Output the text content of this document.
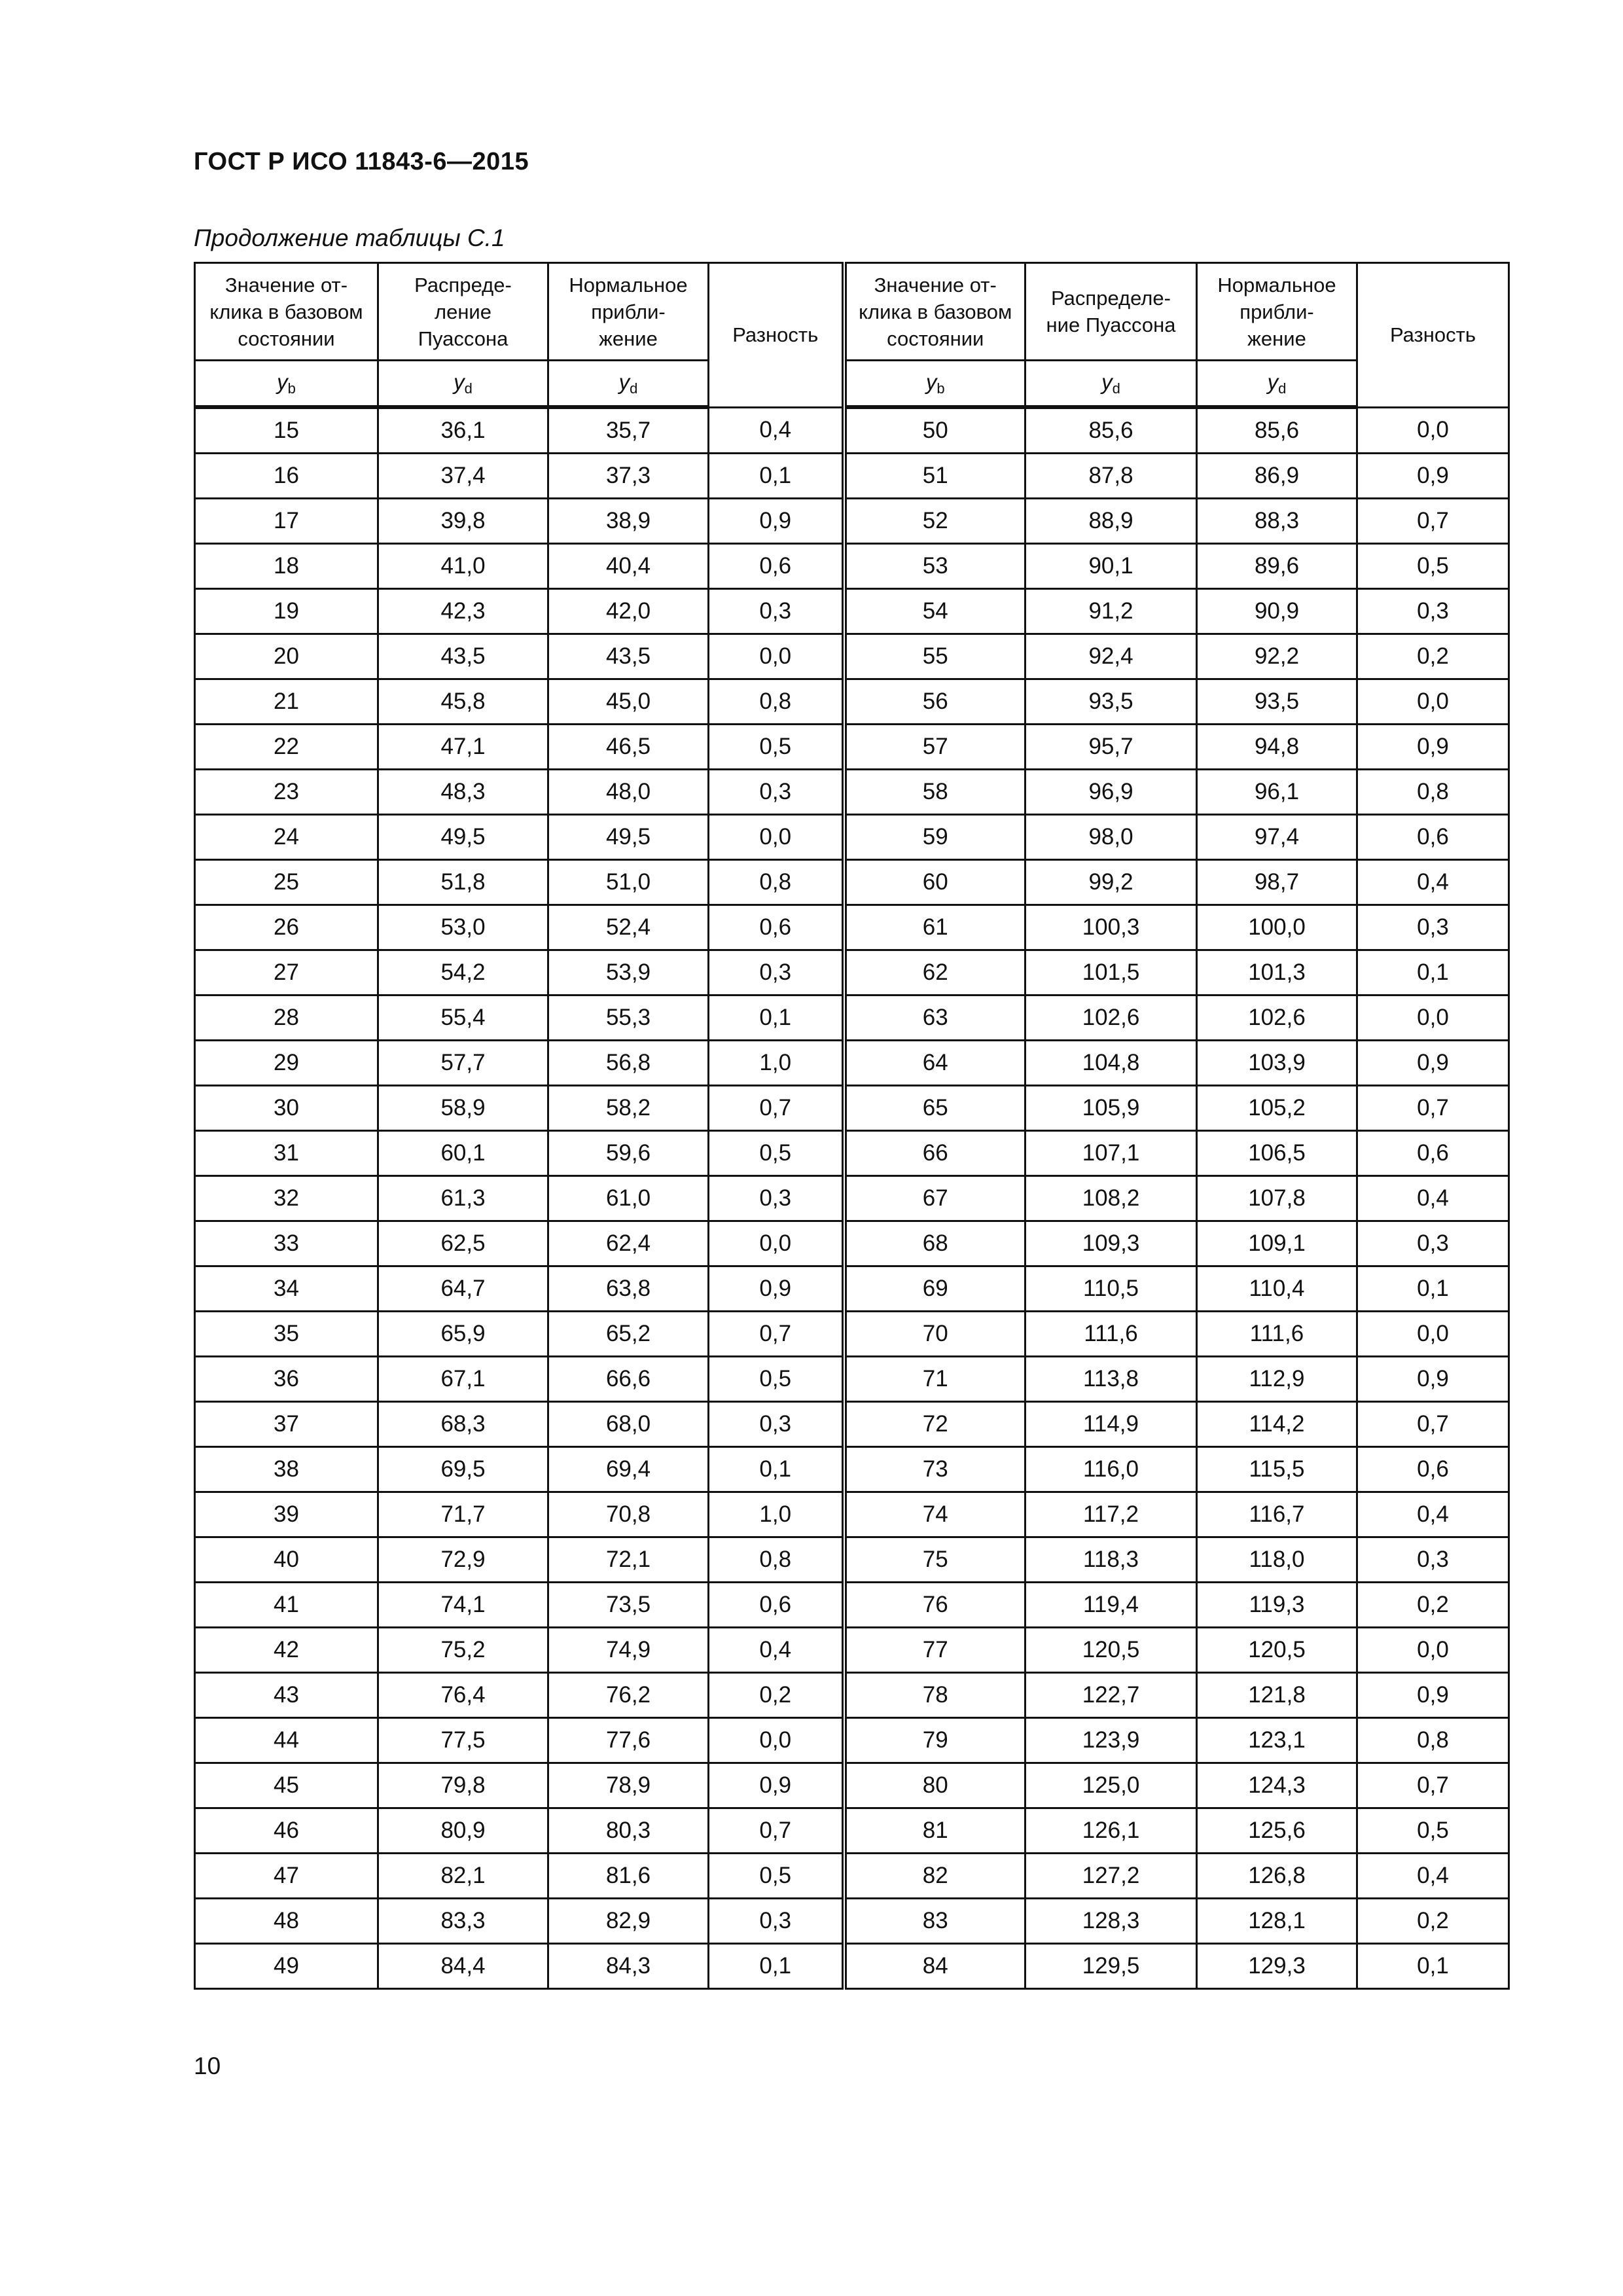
ГОСТ Р ИСО 11843-6—2015
Продолжение таблицы С.1
Значение от-
клика в базовом
состоянии	Распреде-
ление
Пуассона	Нормальное
прибли-
жение	Разность	Значение от-
клика в базовом
состоянии	Распределе-
ние Пуассона	Нормальное
прибли-
жение	Разность
$y_b$	$y_d$	$y_d$		$y_b$	$y_d$	$y_d$
15	36,1	35,7	0,4	50	85,6	85,6	0,0
16	37,4	37,3	0,1	51	87,8	86,9	0,9
17	39,8	38,9	0,9	52	88,9	88,3	0,7
18	41,0	40,4	0,6	53	90,1	89,6	0,5
19	42,3	42,0	0,3	54	91,2	90,9	0,3
20	43,5	43,5	0,0	55	92,4	92,2	0,2
21	45,8	45,0	0,8	56	93,5	93,5	0,0
22	47,1	46,5	0,5	57	95,7	94,8	0,9
23	48,3	48,0	0,3	58	96,9	96,1	0,8
24	49,5	49,5	0,0	59	98,0	97,4	0,6
25	51,8	51,0	0,8	60	99,2	98,7	0,4
26	53,0	52,4	0,6	61	100,3	100,0	0,3
27	54,2	53,9	0,3	62	101,5	101,3	0,1
28	55,4	55,3	0,1	63	102,6	102,6	0,0
29	57,7	56,8	1,0	64	104,8	103,9	0,9
30	58,9	58,2	0,7	65	105,9	105,2	0,7
31	60,1	59,6	0,5	66	107,1	106,5	0,6
32	61,3	61,0	0,3	67	108,2	107,8	0,4
33	62,5	62,4	0,0	68	109,3	109,1	0,3
34	64,7	63,8	0,9	69	110,5	110,4	0,1
35	65,9	65,2	0,7	70	111,6	111,6	0,0
36	67,1	66,6	0,5	71	113,8	112,9	0,9
37	68,3	68,0	0,3	72	114,9	114,2	0,7
38	69,5	69,4	0,1	73	116,0	115,5	0,6
39	71,7	70,8	1,0	74	117,2	116,7	0,4
40	72,9	72,1	0,8	75	118,3	118,0	0,3
41	74,1	73,5	0,6	76	119,4	119,3	0,2
42	75,2	74,9	0,4	77	120,5	120,5	0,0
43	76,4	76,2	0,2	78	122,7	121,8	0,9
44	77,5	77,6	0,0	79	123,9	123,1	0,8
45	79,8	78,9	0,9	80	125,0	124,3	0,7
46	80,9	80,3	0,7	81	126,1	125,6	0,5
47	82,1	81,6	0,5	82	127,2	126,8	0,4
48	83,3	82,9	0,3	83	128,3	128,1	0,2
49	84,4	84,3	0,1	84	129,5	129,3	0,1
10
